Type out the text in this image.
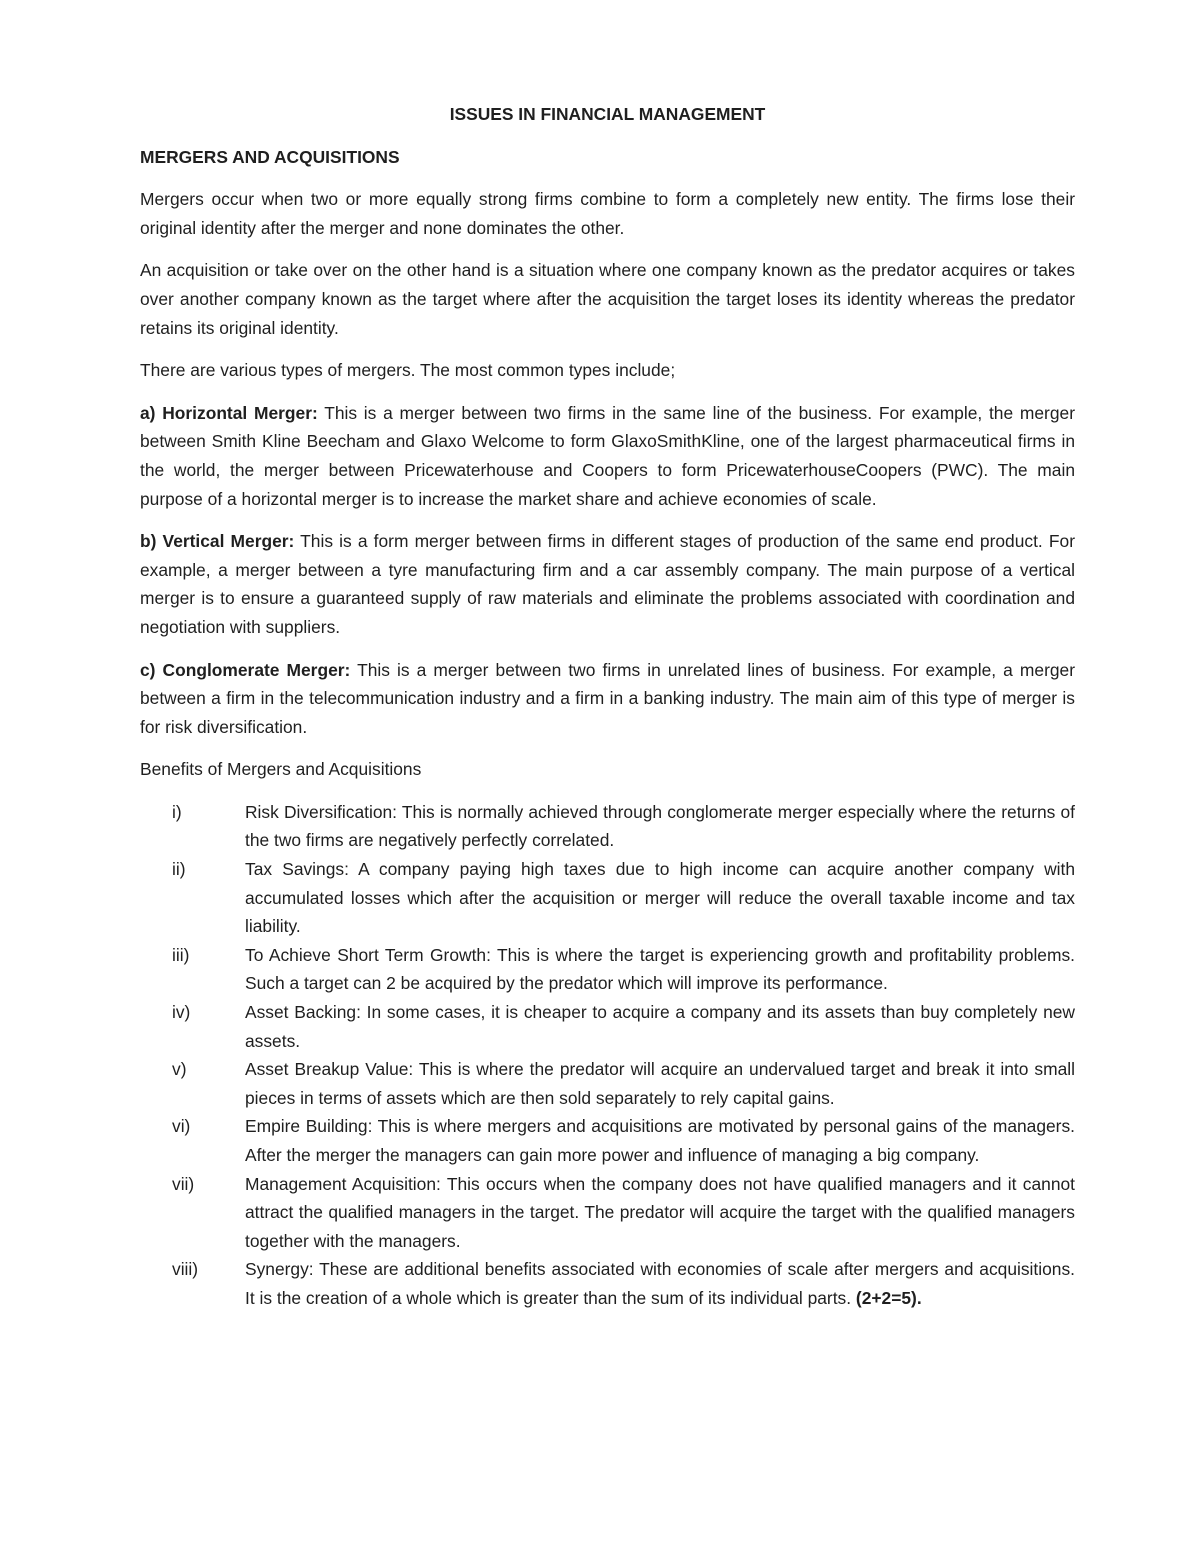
ISSUES IN FINANCIAL MANAGEMENT
MERGERS AND ACQUISITIONS

Mergers occur when two or more equally strong firms combine to form a completely new entity. The firms lose their original identity after the merger and none dominates the other.

An acquisition or take over on the other hand is a situation where one company known as the predator acquires or takes over another company known as the target where after the acquisition the target loses its identity whereas the predator retains its original identity.

There are various types of mergers. The most common types include;

a) Horizontal Merger: This is a merger between two firms in the same line of the business. For example, the merger between Smith Kline Beecham and Glaxo Welcome to form GlaxoSmithKline, one of the largest pharmaceutical firms in the world, the merger between Pricewaterhouse and Coopers to form PricewaterhouseCoopers (PWC). The main purpose of a horizontal merger is to increase the market share and achieve economies of scale.

b) Vertical Merger: This is a form merger between firms in different stages of production of the same end product. For example, a merger between a tyre manufacturing firm and a car assembly company. The main purpose of a vertical merger is to ensure a guaranteed supply of raw materials and eliminate the problems associated with coordination and negotiation with suppliers.

c) Conglomerate Merger: This is a merger between two firms in unrelated lines of business. For example, a merger between a firm in the telecommunication industry and a firm in a banking industry. The main aim of this type of merger is for risk diversification.

Benefits of Mergers and Acquisitions

i)	Risk Diversification: This is normally achieved through conglomerate merger especially where the returns of the two firms are negatively perfectly correlated.
ii)	Tax Savings: A company paying high taxes due to high income can acquire another company with accumulated losses which after the acquisition or merger will reduce the overall taxable income and tax liability.
iii)	To Achieve Short Term Growth: This is where the target is experiencing growth and profitability problems. Such a target can 2 be acquired by the predator which will improve its performance.
iv)	Asset Backing: In some cases, it is cheaper to acquire a company and its assets than buy completely new assets.
v)	Asset Breakup Value: This is where the predator will acquire an undervalued target and break it into small pieces in terms of assets which are then sold separately to rely capital gains.
vi)	Empire Building: This is where mergers and acquisitions are motivated by personal gains of the managers. After the merger the managers can gain more power and influence of managing a big company.
vii)	Management Acquisition: This occurs when the company does not have qualified managers and it cannot attract the qualified managers in the target. The predator will acquire the target with the qualified managers together with the managers.
viii)	Synergy: These are additional benefits associated with economies of scale after mergers and acquisitions. It is the creation of a whole which is greater than the sum of its individual parts. (2+2=5).
